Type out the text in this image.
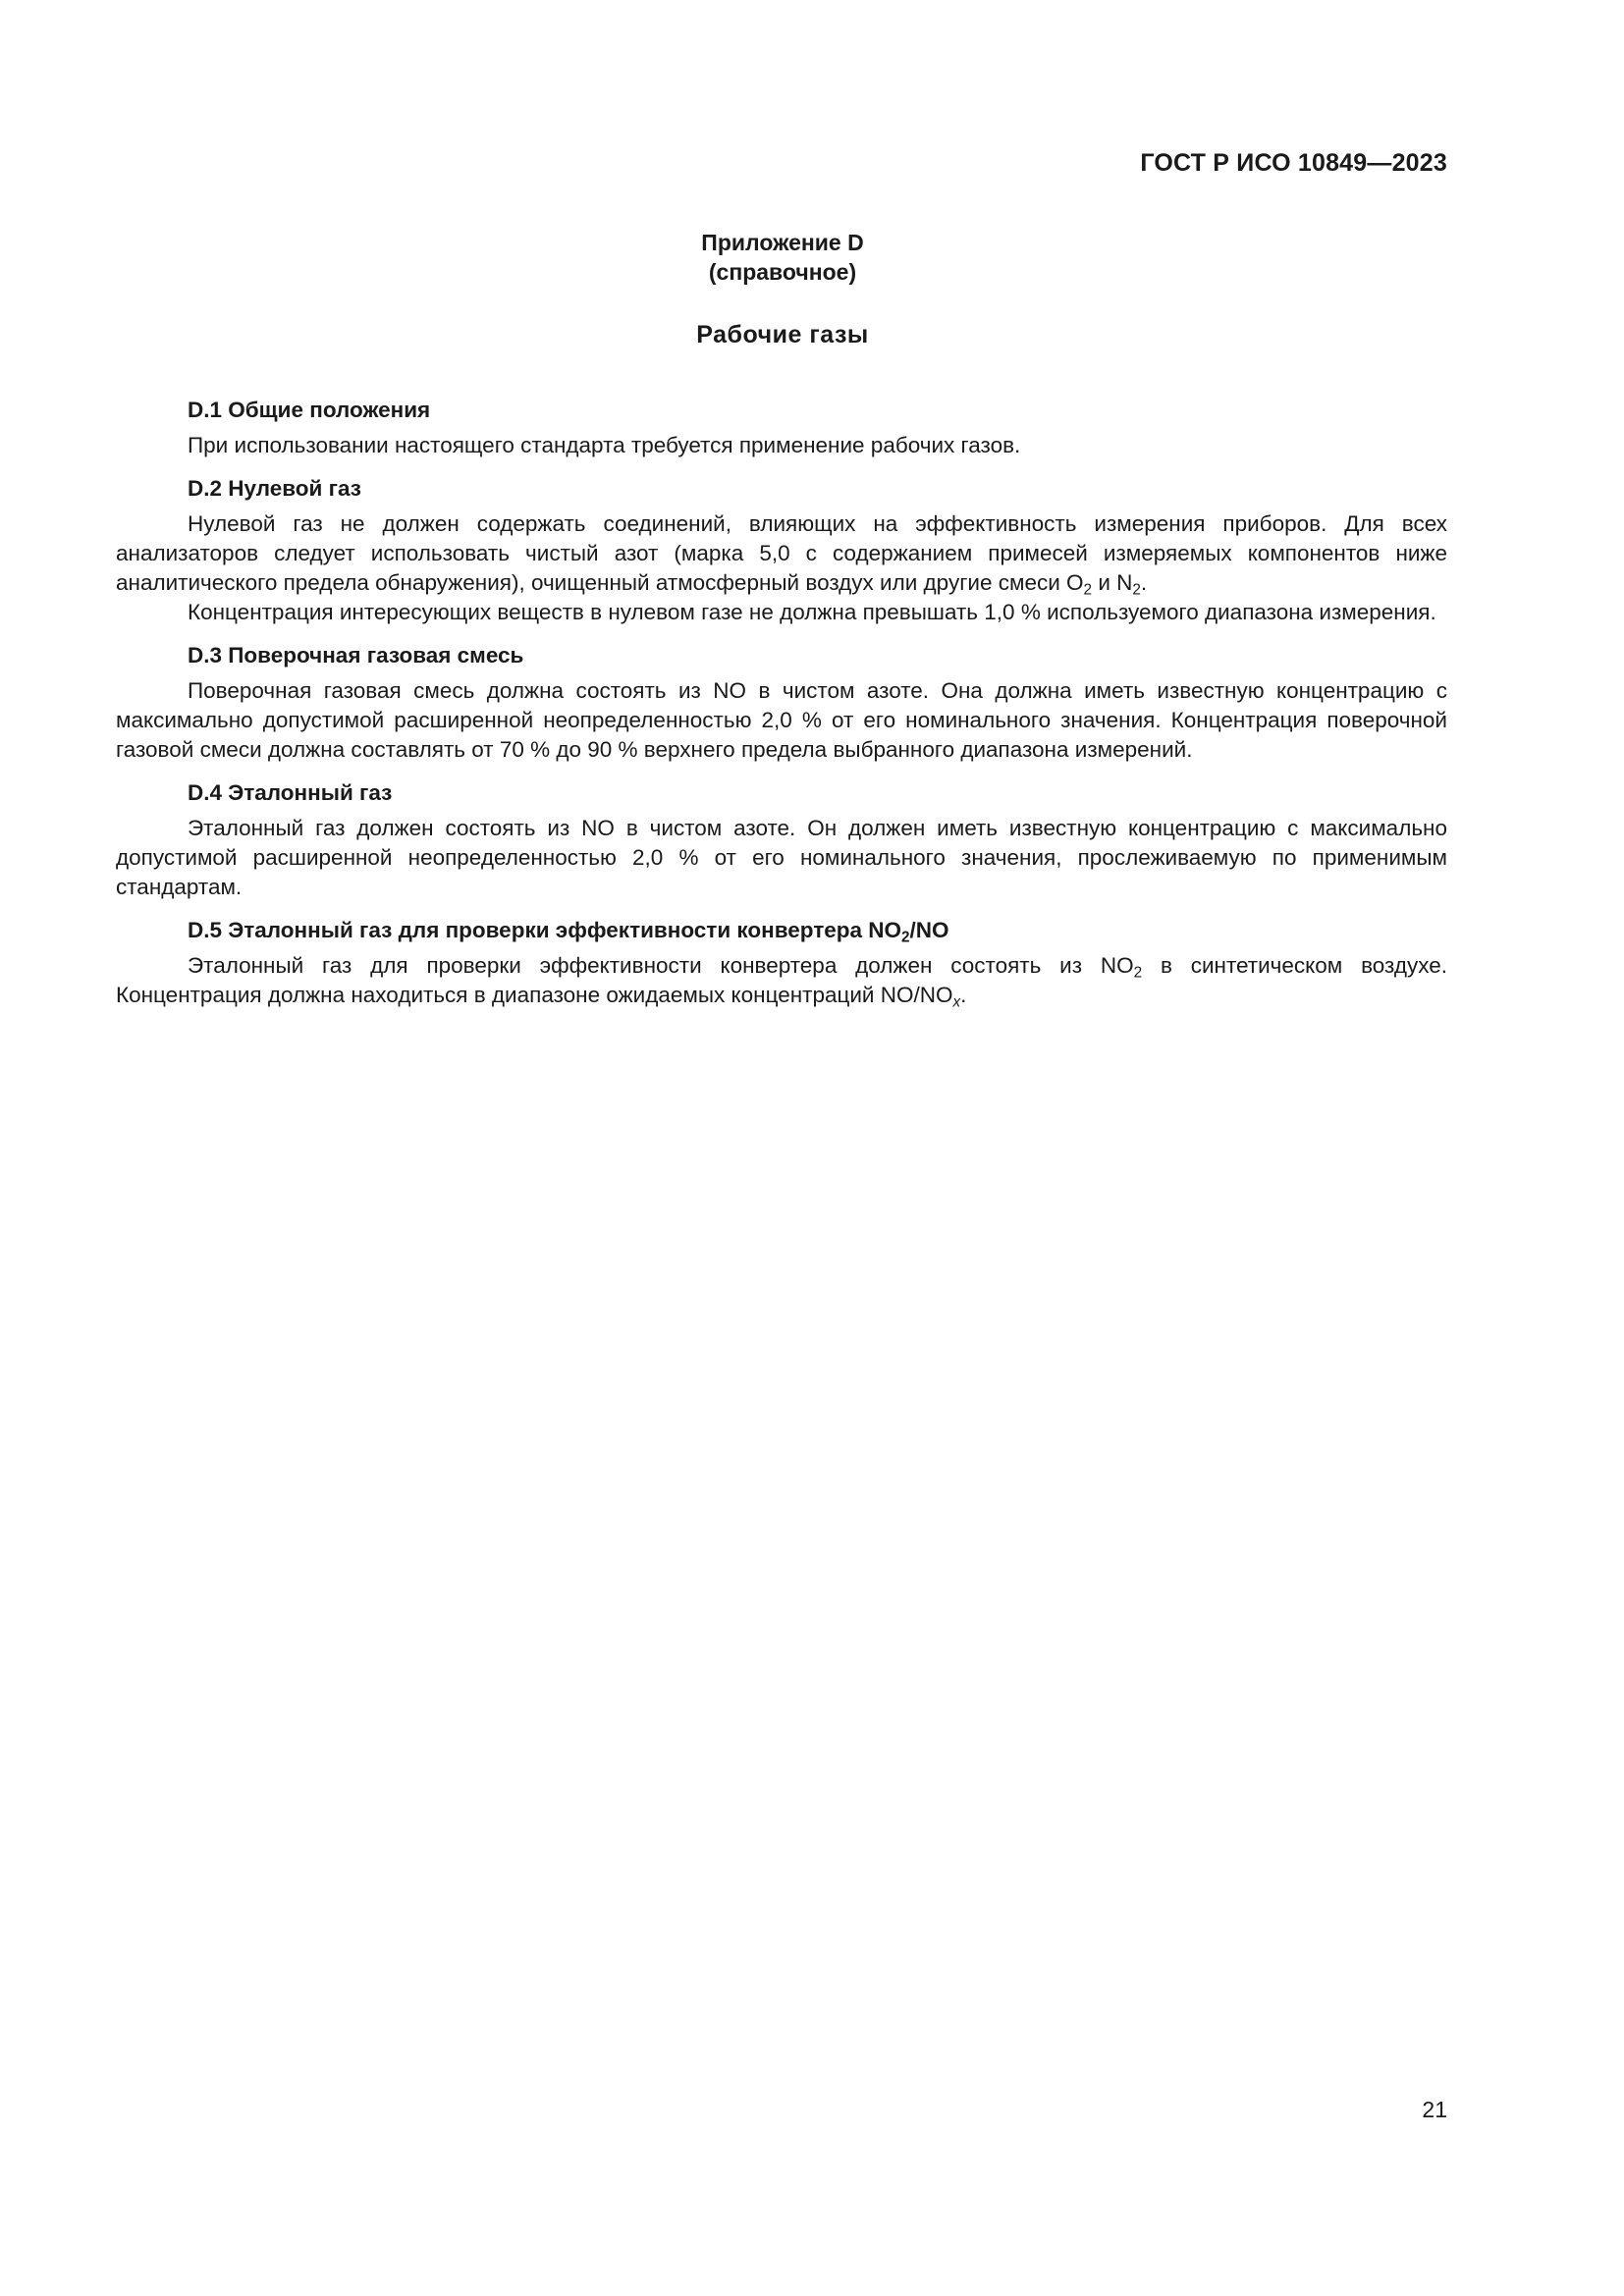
ГОСТ Р ИСО 10849—2023
Приложение D
(справочное)
Рабочие газы

D.1 Общие положения

При использовании настоящего стандарта требуется применение рабочих газов.

D.2 Нулевой газ

Нулевой газ не должен содержать соединений, влияющих на эффективность измерения приборов. Для всех анализаторов следует использовать чистый азот (марка 5,0 с содержанием примесей измеряемых компонентов ниже аналитического предела обнаружения), очищенный атмосферный воздух или другие смеси $O_2$ и $N_2$.

Концентрация интересующих веществ в нулевом газе не должна превышать 1,0 % используемого диапазона измерения.

D.3 Поверочная газовая смесь

Поверочная газовая смесь должна состоять из NO в чистом азоте. Она должна иметь известную концентрацию с максимально допустимой расширенной неопределенностью 2,0 % от его номинального значения. Концентрация поверочной газовой смеси должна составлять от 70 % до 90 % верхнего предела выбранного диапазона измерений.

D.4 Эталонный газ

Эталонный газ должен состоять из NO в чистом азоте. Он должен иметь известную концентрацию с максимально допустимой расширенной неопределенностью 2,0 % от его номинального значения, прослеживаемую по применимым стандартам.

D.5 Эталонный газ для проверки эффективности конвертера $NO_2/NO$

Эталонный газ для проверки эффективности конвертера должен состоять из $NO_2$ в синтетическом воздухе. Концентрация должна находиться в диапазоне ожидаемых концентраций $NO/NO_x$.

21
